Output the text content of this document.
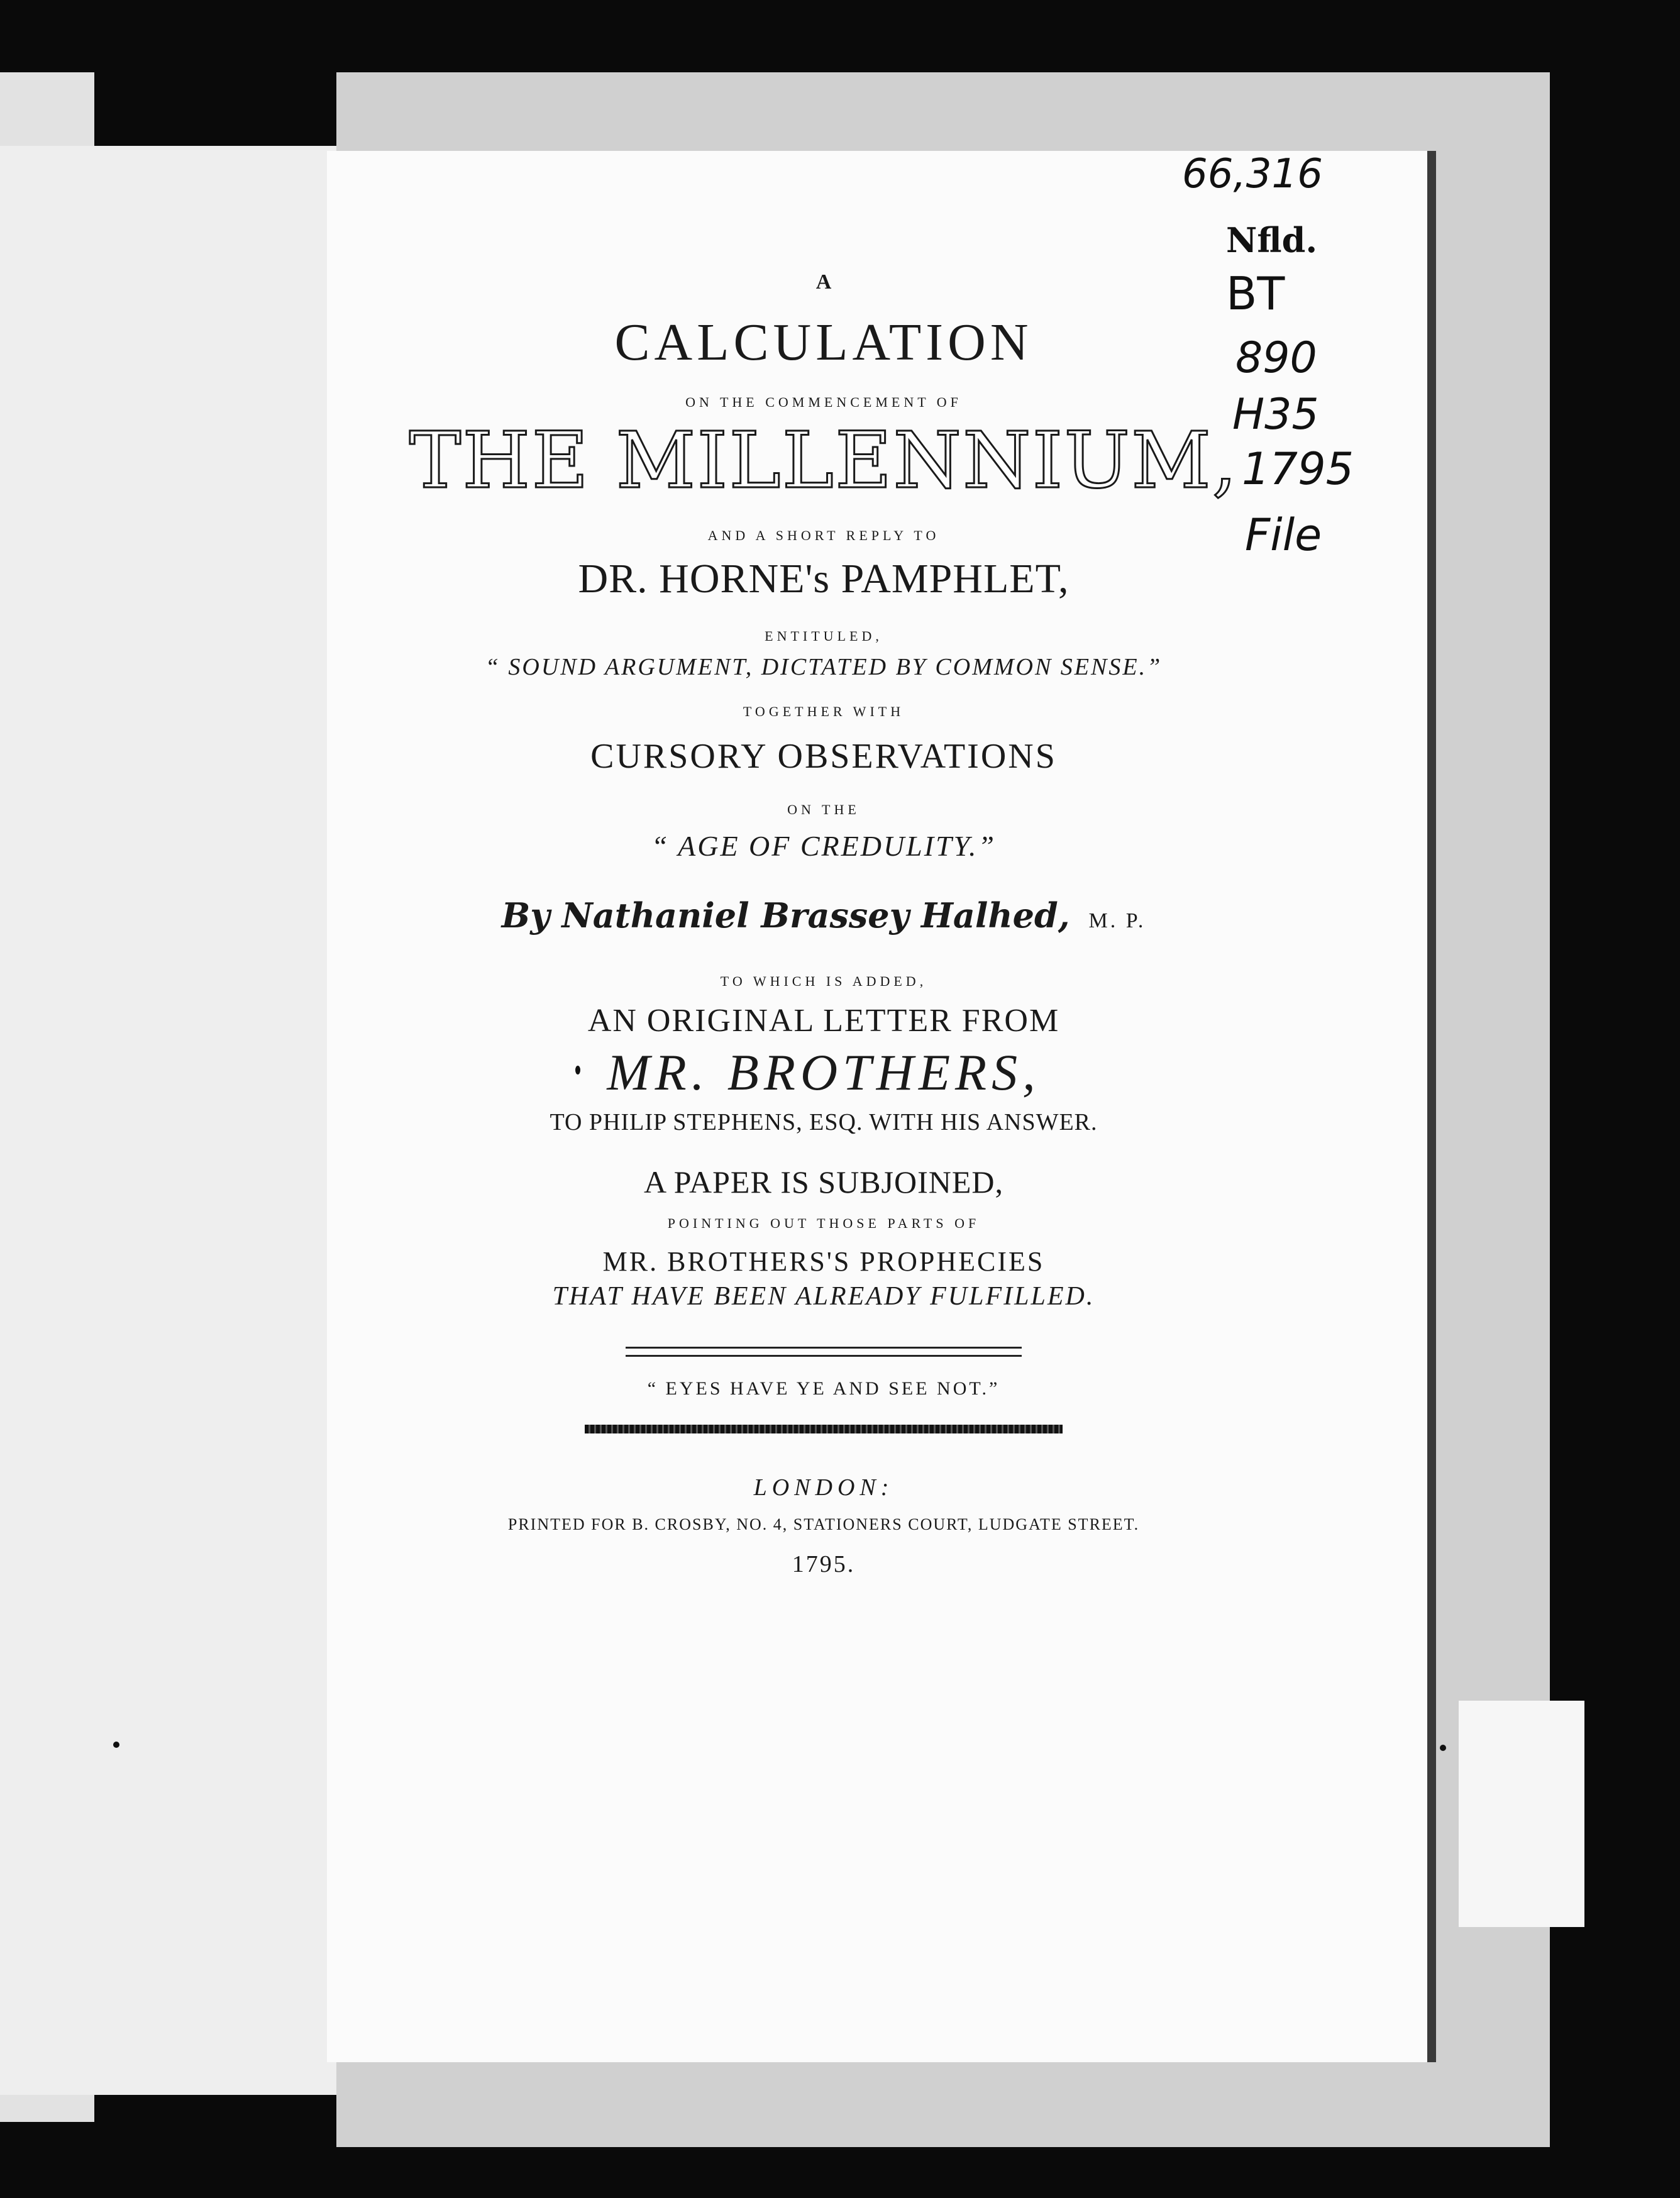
66,316
Nfld.
BT
890
H35
1795
File
A
CALCULATION
ON THE COMMENCEMENT OF
THE MILLENNIUM,
AND A SHORT REPLY TO
DR. HORNE's PAMPHLET,
ENTITULED,
“ SOUND ARGUMENT, DICTATED BY COMMON SENSE.”
TOGETHER WITH
CURSORY OBSERVATIONS
ON THE
“ AGE OF CREDULITY.”
By Nathaniel Brassey Halhed, M. P.
TO WHICH IS ADDED,
AN ORIGINAL LETTER FROM
MR. BROTHERS,
TO PHILIP STEPHENS, ESQ. WITH HIS ANSWER.
A PAPER IS SUBJOINED,
POINTING OUT THOSE PARTS OF
MR. BROTHERS'S PROPHECIES
THAT HAVE BEEN ALREADY FULFILLED.
“ EYES HAVE YE AND SEE NOT.”
LONDON:
PRINTED FOR B. CROSBY, NO. 4, STATIONERS COURT, LUDGATE STREET.
1795.
